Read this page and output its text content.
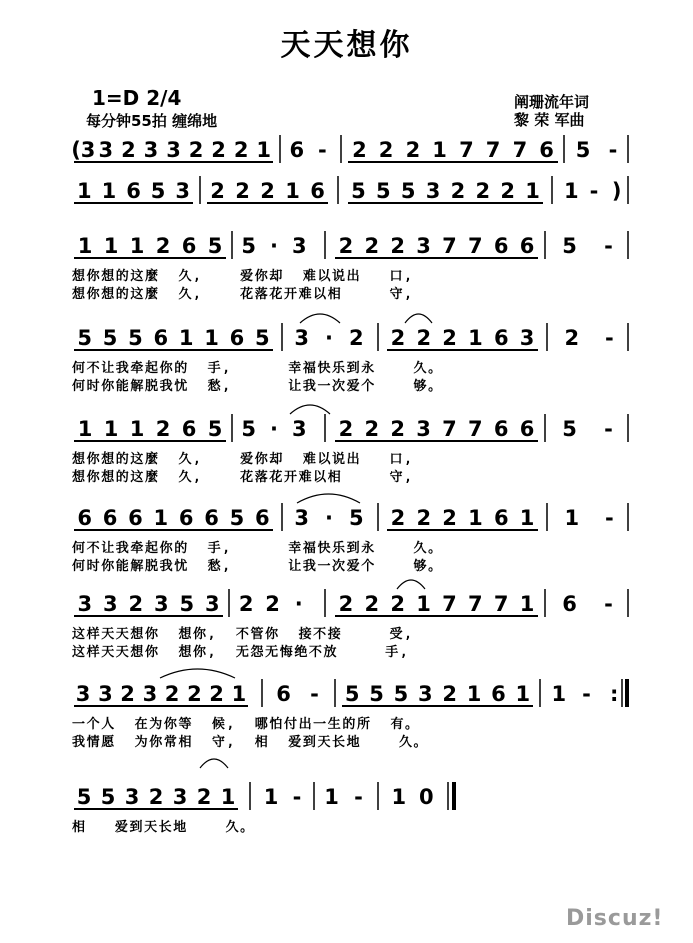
天天想你
1=D 2/4
每分钟55拍 缠绵地
阐珊流年词
黎 荣 军曲
(3 3 2 3 3 2 2 2 1 6 - 2 2 2 1 7 7 7 6 5 -
1 1 6 5 3 2 2 2 1 6 5 5 5 3 2 2 2 1 1 - )
1 1 1 2 6 5 5 · 3 2 2 2 3 7 7 6 6 5 -
5 5 5 6 1 1 6 5 3 · 2 2 2 2 1 6 3 2 -
1 1 1 2 6 5 5 · 3 2 2 2 3 7 7 6 6 5 -
6 6 6 1 6 6 5 6 3 · 5 2 2 2 1 6 1 1 -
3 3 2 3 5 3 2 2 · 2 2 2 1 7 7 7 1 6 -
3 3 2 3 2 2 2 1 6 - 5 5 5 3 2 1 6 1 1 - :
5 5 3 2 3 2 1 1 - 1 - 1 0
想你想的这麼  久,    爱你却  难以说出   口,
想你想的这麼  久,    花落花开难以相     守,
何不让我牵起你的  手,      幸福快乐到永    久。
何时你能解脱我忧  愁,      让我一次爱个    够。
想你想的这麼  久,    爱你却  难以说出   口,
想你想的这麼  久,    花落花开难以相     守,
何不让我牵起你的  手,      幸福快乐到永    久。
何时你能解脱我忧  愁,      让我一次爱个    够。
这样天天想你  想你,  不管你  接不接     受,
这样天天想你  想你,  无怨无悔绝不放     手,
一个人  在为你等  候,  哪怕付出一生的所  有。
我情愿  为你常相  守,  相  爱到天长地    久。
相   爱到天长地    久。
Discuz!
